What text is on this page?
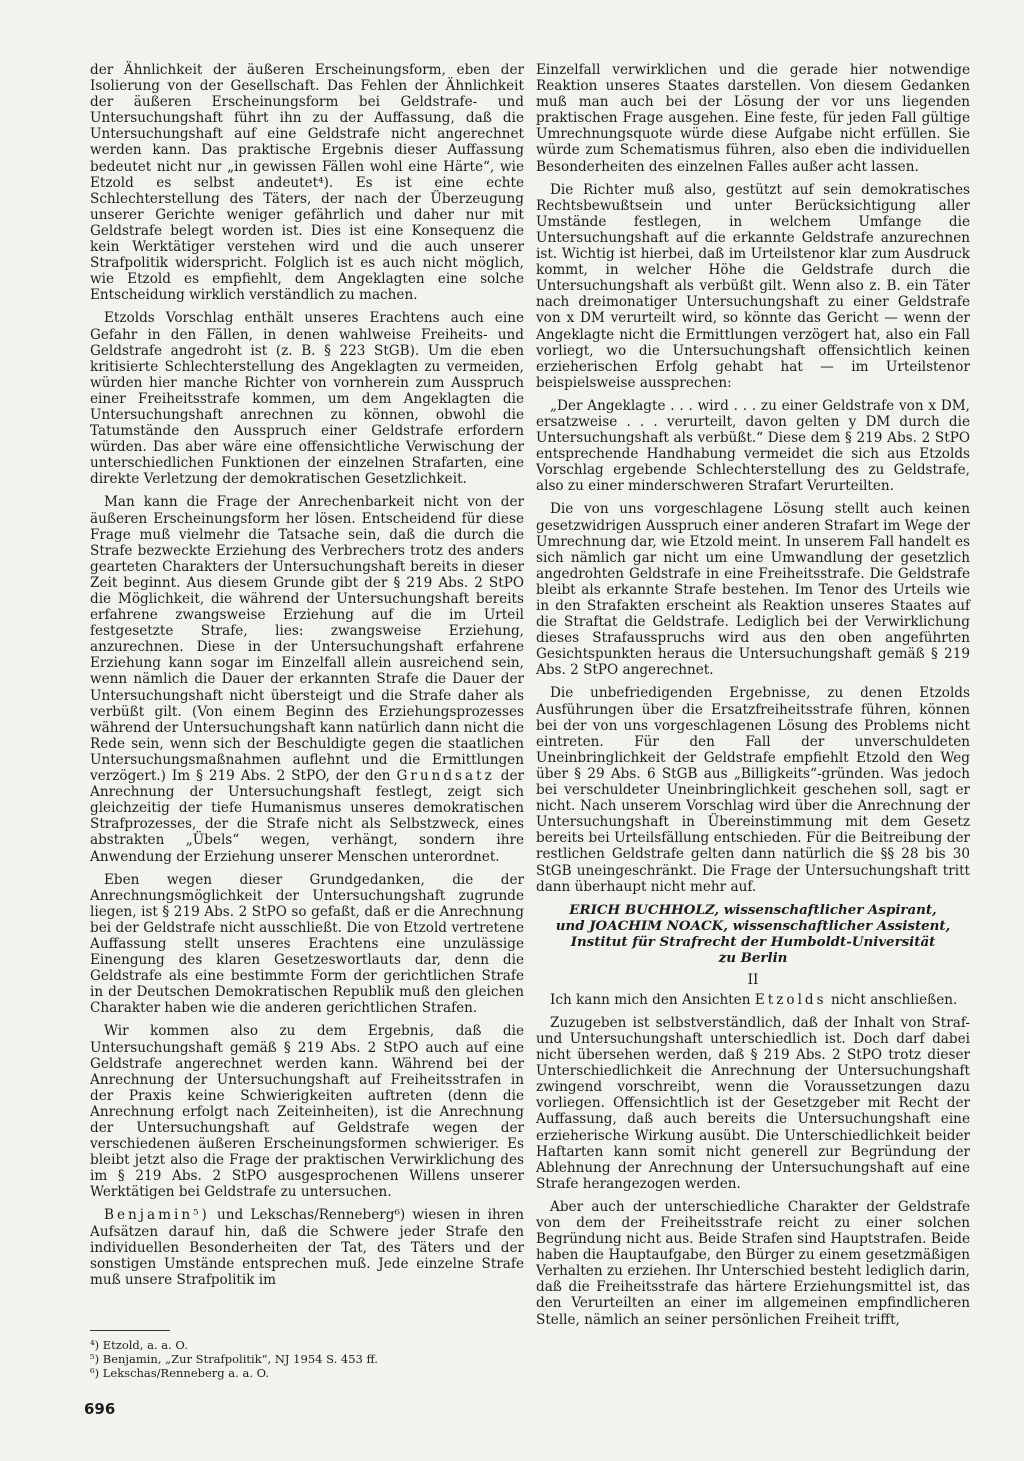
der Ähnlichkeit der äußeren Erscheinungsform, eben der Isolierung von der Gesellschaft. Das Fehlen der Ähnlichkeit der äußeren Erscheinungsform bei Geldstrafe- und Untersuchungshaft führt ihn zu der Auffassung, daß die Untersuchungshaft auf eine Geldstrafe nicht angerechnet werden kann. Das praktische Ergebnis dieser Auffassung bedeutet nicht nur „in gewissen Fällen wohl eine Härte“, wie Etzold es selbst andeutet⁴). Es ist eine echte Schlechterstellung des Täters, der nach der Überzeugung unserer Gerichte weniger gefährlich und daher nur mit Geldstrafe belegt worden ist. Dies ist eine Konsequenz die kein Werktätiger verstehen wird und die auch unserer Strafpolitik widerspricht. Folglich ist es auch nicht möglich, wie Etzold es empfiehlt, dem Angeklagten eine solche Entscheidung wirklich verständlich zu machen.

Etzolds Vorschlag enthält unseres Erachtens auch eine Gefahr in den Fällen, in denen wahlweise Freiheits- und Geldstrafe angedroht ist (z. B. § 223 StGB). Um die eben kritisierte Schlechterstellung des Angeklagten zu vermeiden, würden hier manche Richter von vornherein zum Ausspruch einer Freiheitsstrafe kommen, um dem Angeklagten die Untersuchungshaft anrechnen zu können, obwohl die Tatumstände den Ausspruch einer Geldstrafe erfordern würden. Das aber wäre eine offensichtliche Verwischung der unterschiedlichen Funktionen der einzelnen Strafarten, eine direkte Verletzung der demokratischen Gesetzlichkeit.

Man kann die Frage der Anrechenbarkeit nicht von der äußeren Erscheinungsform her lösen. Entscheidend für diese Frage muß vielmehr die Tatsache sein, daß die durch die Strafe bezweckte Erziehung des Verbrechers trotz des anders gearteten Charakters der Untersuchungshaft bereits in dieser Zeit beginnt. Aus diesem Grunde gibt der § 219 Abs. 2 StPO die Möglichkeit, die während der Untersuchungshaft bereits erfahrene zwangsweise Erziehung auf die im Urteil festgesetzte Strafe, lies: zwangsweise Erziehung, anzurechnen. Diese in der Untersuchungshaft erfahrene Erziehung kann sogar im Einzelfall allein ausreichend sein, wenn nämlich die Dauer der erkannten Strafe die Dauer der Untersuchungshaft nicht übersteigt und die Strafe daher als verbüßt gilt. (Von einem Beginn des Erziehungsprozesses während der Untersuchungshaft kann natürlich dann nicht die Rede sein, wenn sich der Beschuldigte gegen die staatlichen Untersuchungsmaßnahmen auflehnt und die Ermittlungen verzögert.) Im § 219 Abs. 2 StPO, der den Grundsatz der Anrechnung der Untersuchungshaft festlegt, zeigt sich gleichzeitig der tiefe Humanismus unseres demokratischen Strafprozesses, der die Strafe nicht als Selbstzweck, eines abstrakten „Übels“ wegen, verhängt, sondern ihre Anwendung der Erziehung unserer Menschen unterordnet.

Eben wegen dieser Grundgedanken, die der Anrechnungsmöglichkeit der Untersuchungshaft zugrunde liegen, ist § 219 Abs. 2 StPO so gefaßt, daß er die Anrechnung bei der Geldstrafe nicht ausschließt. Die von Etzold vertretene Auffassung stellt unseres Erachtens eine unzulässige Einengung des klaren Gesetzeswortlauts dar, denn die Geldstrafe als eine bestimmte Form der gerichtlichen Strafe in der Deutschen Demokratischen Republik muß den gleichen Charakter haben wie die anderen gerichtlichen Strafen.

Wir kommen also zu dem Ergebnis, daß die Untersuchungshaft gemäß § 219 Abs. 2 StPO auch auf eine Geldstrafe angerechnet werden kann. Während bei der Anrechnung der Untersuchungshaft auf Freiheitsstrafen in der Praxis keine Schwierigkeiten auftreten (denn die Anrechnung erfolgt nach Zeiteinheiten), ist die Anrechnung der Untersuchungshaft auf Geldstrafe wegen der verschiedenen äußeren Erscheinungsformen schwieriger. Es bleibt jetzt also die Frage der praktischen Verwirklichung des im § 219 Abs. 2 StPO ausgesprochenen Willens unserer Werktätigen bei Geldstrafe zu untersuchen.

Benjamin⁵) und Lekschas/Renneberg⁶) wiesen in ihren Aufsätzen darauf hin, daß die Schwere jeder Strafe den individuellen Besonderheiten der Tat, des Täters und der sonstigen Umstände entsprechen muß. Jede einzelne Strafe muß unsere Strafpolitik im

Einzelfall verwirklichen und die gerade hier notwendige Reaktion unseres Staates darstellen. Von diesem Gedanken muß man auch bei der Lösung der vor uns liegenden praktischen Frage ausgehen. Eine feste, für jeden Fall gültige Umrechnungsquote würde diese Aufgabe nicht erfüllen. Sie würde zum Schematismus führen, also eben die individuellen Besonderheiten des einzelnen Falles außer acht lassen.

Die Richter muß also, gestützt auf sein demokratisches Rechtsbewußtsein und unter Berücksichtigung aller Umstände festlegen, in welchem Umfange die Untersuchungshaft auf die erkannte Geldstrafe anzurechnen ist. Wichtig ist hierbei, daß im Urteilstenor klar zum Ausdruck kommt, in welcher Höhe die Geldstrafe durch die Untersuchungshaft als verbüßt gilt. Wenn also z. B. ein Täter nach dreimonatiger Untersuchungshaft zu einer Geldstrafe von x DM verurteilt wird, so könnte das Gericht — wenn der Angeklagte nicht die Ermittlungen verzögert hat, also ein Fall vorliegt, wo die Untersuchungshaft offensichtlich keinen erzieherischen Erfolg gehabt hat — im Urteilstenor beispielsweise aussprechen:

„Der Angeklagte . . . wird . . . zu einer Geldstrafe von x DM, ersatzweise . . . verurteilt, davon gelten y DM durch die Untersuchungshaft als verbüßt.“ Diese dem § 219 Abs. 2 StPO entsprechende Handhabung vermeidet die sich aus Etzolds Vorschlag ergebende Schlechterstellung des zu Geldstrafe, also zu einer minderschweren Strafart Verurteilten.

Die von uns vorgeschlagene Lösung stellt auch keinen gesetzwidrigen Ausspruch einer anderen Strafart im Wege der Umrechnung dar, wie Etzold meint. In unserem Fall handelt es sich nämlich gar nicht um eine Umwandlung der gesetzlich angedrohten Geldstrafe in eine Freiheitsstrafe. Die Geldstrafe bleibt als erkannte Strafe bestehen. Im Tenor des Urteils wie in den Strafakten erscheint als Reaktion unseres Staates auf die Straftat die Geldstrafe. Lediglich bei der Verwirklichung dieses Strafausspruchs wird aus den oben angeführten Gesichtspunkten heraus die Untersuchungshaft gemäß § 219 Abs. 2 StPO angerechnet.

Die unbefriedigenden Ergebnisse, zu denen Etzolds Ausführungen über die Ersatzfreiheitsstrafe führen, können bei der von uns vorgeschlagenen Lösung des Problems nicht eintreten. Für den Fall der unverschuldeten Uneinbringlichkeit der Geldstrafe empfiehlt Etzold den Weg über § 29 Abs. 6 StGB aus „Billigkeits“-gründen. Was jedoch bei verschuldeter Uneinbringlichkeit geschehen soll, sagt er nicht. Nach unserem Vorschlag wird über die Anrechnung der Untersuchungshaft in Übereinstimmung mit dem Gesetz bereits bei Urteilsfällung entschieden. Für die Beitreibung der restlichen Geldstrafe gelten dann natürlich die §§ 28 bis 30 StGB uneingeschränkt. Die Frage der Untersuchungshaft tritt dann überhaupt nicht mehr auf.

ERICH BUCHHOLZ, wissenschaftlicher Aspirant,
und JOACHIM NOACK, wissenschaftlicher Assistent,
Institut für Strafrecht der Humboldt-Universität
zu Berlin
II

Ich kann mich den Ansichten Etzolds nicht anschließen.

Zuzugeben ist selbstverständlich, daß der Inhalt von Straf- und Untersuchungshaft unterschiedlich ist. Doch darf dabei nicht übersehen werden, daß § 219 Abs. 2 StPO trotz dieser Unterschiedlichkeit die Anrechnung der Untersuchungshaft zwingend vorschreibt, wenn die Voraussetzungen dazu vorliegen. Offensichtlich ist der Gesetzgeber mit Recht der Auffassung, daß auch bereits die Untersuchungshaft eine erzieherische Wirkung ausübt. Die Unterschiedlichkeit beider Haftarten kann somit nicht generell zur Begründung der Ablehnung der Anrechnung der Untersuchungshaft auf eine Strafe herangezogen werden.

Aber auch der unterschiedliche Charakter der Geldstrafe von dem der Freiheitsstrafe reicht zu einer solchen Begründung nicht aus. Beide Strafen sind Hauptstrafen. Beide haben die Hauptaufgabe, den Bürger zu einem gesetzmäßigen Verhalten zu erziehen. Ihr Unterschied besteht lediglich darin, daß die Freiheitsstrafe das härtere Erziehungsmittel ist, das den Verurteilten an einer im allgemeinen empfindlicheren Stelle, nämlich an seiner persönlichen Freiheit trifft,

⁴) Etzold, a. a. O.
⁵) Benjamin, „Zur Strafpolitik“, NJ 1954 S. 453 ff.
⁶) Lekschas/Renneberg a. a. O.
696
